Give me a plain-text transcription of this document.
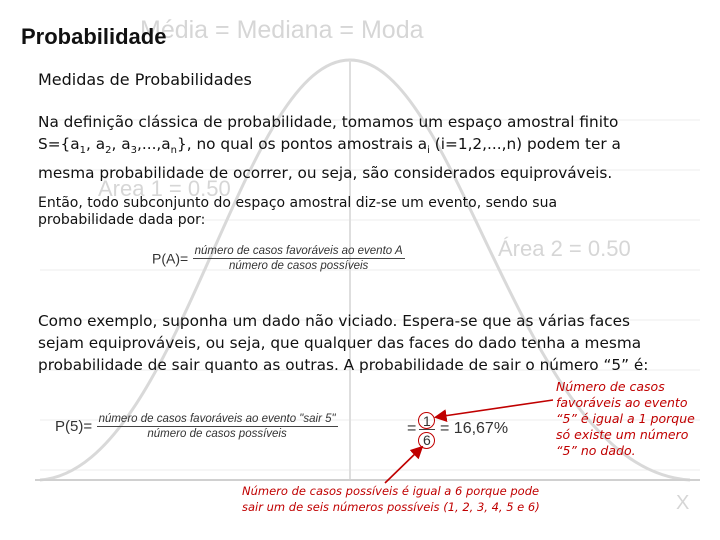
Média = Mediana = Moda
Área 1 = 0.50
Área 2 = 0.50
X
Probabilidade
Medidas de Probabilidades
Na definição clássica de probabilidade, tomamos um espaço amostral finito
$S=\{a_1$, $a_2$, $a_3,...,a_n$}, no qual os pontos amostrais $a_i$ (i=1,2,...,n) podem ter a
mesma probabilidade de ocorrer, ou seja, são considerados equiprováveis.
Então, todo subconjunto do espaço amostral diz-se um evento, sendo sua
probabilidade dada por:
$P(A)= \frac{\text{número de casos favoráveis ao evento A}}{\text{número de casos possíveis}}$
Como exemplo, suponha um dado não viciado. Espera-se que as várias faces
sejam equiprováveis, ou seja, que qualquer das faces do dado tenha a mesma
probabilidade de sair quanto as outras. A probabilidade de sair o número “5” é:
$P(5)= \frac{\text{número de casos favoráveis ao evento "sair 5"}}{\text{número de casos possíveis}}$	= 1
6
= 16,67%
Número de casos
favoráveis ao evento
“5” é igual a 1 porque
só existe um número
“5” no dado.
Número de casos possíveis é igual a 6 porque pode
sair um de seis números possíveis (1, 2, 3, 4, 5 e 6)
